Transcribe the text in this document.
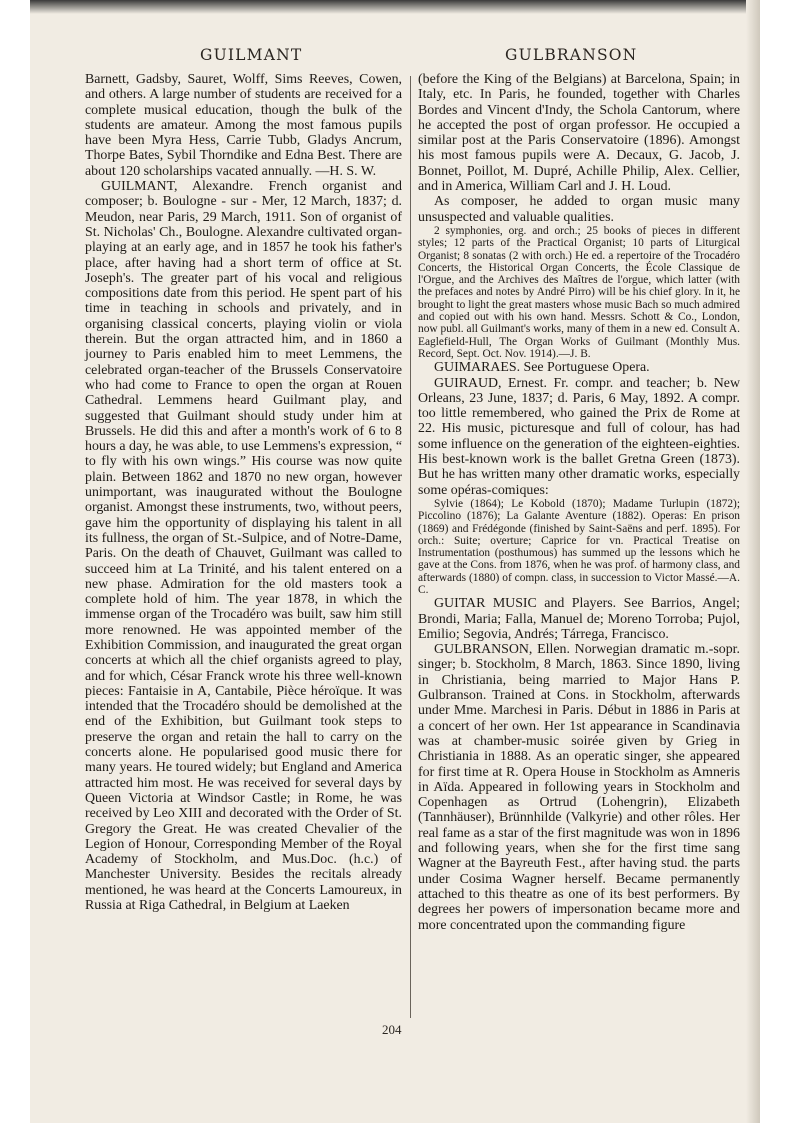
GUILMANT	GULBRANSON

Barnett, Gadsby, Sauret, Wolff, Sims Reeves, Cowen, and others. A large number of students are received for a complete musical education, though the bulk of the students are amateur. Among the most famous pupils have been Myra Hess, Carrie Tubb, Gladys Ancrum, Thorpe Bates, Sybil Thorndike and Edna Best. There are about 120 scholarships vacated annually. —H. S. W.

GUILMANT, Alexandre. French organist and composer; b. Boulogne - sur - Mer, 12 March, 1837; d. Meudon, near Paris, 29 March, 1911. Son of organist of St. Nicholas' Ch., Boulogne. Alexandre cultivated organ-playing at an early age, and in 1857 he took his father's place, after having had a short term of office at St. Joseph's. The greater part of his vocal and religious compositions date from this period. He spent part of his time in teaching in schools and privately, and in organising classical concerts, playing violin or viola therein. But the organ attracted him, and in 1860 a journey to Paris enabled him to meet Lemmens, the celebrated organ-teacher of the Brussels Conservatoire who had come to France to open the organ at Rouen Cathedral. Lemmens heard Guilmant play, and suggested that Guilmant should study under him at Brussels. He did this and after a month's work of 6 to 8 hours a day, he was able, to use Lemmens's expression, “ to fly with his own wings.” His course was now quite plain. Between 1862 and 1870 no new organ, however unimportant, was inaugurated without the Boulogne organist. Amongst these instruments, two, without peers, gave him the opportunity of displaying his talent in all its fullness, the organ of St.-Sulpice, and of Notre-Dame, Paris. On the death of Chauvet, Guilmant was called to succeed him at La Trinité, and his talent entered on a new phase. Admiration for the old masters took a complete hold of him. The year 1878, in which the immense organ of the Trocadéro was built, saw him still more renowned. He was appointed member of the Exhibition Commission, and inaugurated the great organ concerts at which all the chief organists agreed to play, and for which, César Franck wrote his three well-known pieces: Fantaisie in A, Cantabile, Pièce héroïque. It was intended that the Trocadéro should be demolished at the end of the Exhibition, but Guilmant took steps to preserve the organ and retain the hall to carry on the concerts alone. He popularised good music there for many years. He toured widely; but England and America attracted him most. He was received for several days by Queen Victoria at Windsor Castle; in Rome, he was received by Leo XIII and decorated with the Order of St. Gregory the Great. He was created Chevalier of the Legion of Honour, Corresponding Member of the Royal Academy of Stockholm, and Mus.Doc. (h.c.) of Manchester University. Besides the recitals already mentioned, he was heard at the Concerts Lamoureux, in Russia at Riga Cathedral, in Belgium at Laeken

(before the King of the Belgians) at Barcelona, Spain; in Italy, etc. In Paris, he founded, together with Charles Bordes and Vincent d'Indy, the Schola Cantorum, where he accepted the post of organ professor. He occupied a similar post at the Paris Conservatoire (1896). Amongst his most famous pupils were A. Decaux, G. Jacob, J. Bonnet, Poillot, M. Dupré, Achille Philip, Alex. Cellier, and in America, William Carl and J. H. Loud.

As composer, he added to organ music many unsuspected and valuable qualities.

2 symphonies, org. and orch.; 25 books of pieces in different styles; 12 parts of the Practical Organist; 10 parts of Liturgical Organist; 8 sonatas (2 with orch.) He ed. a repertoire of the Trocadéro Concerts, the Historical Organ Concerts, the École Classique de l'Orgue, and the Archives des Maîtres de l'orgue, which latter (with the prefaces and notes by André Pirro) will be his chief glory. In it, he brought to light the great masters whose music Bach so much admired and copied out with his own hand. Messrs. Schott & Co., London, now publ. all Guilmant's works, many of them in a new ed. Consult A. Eaglefield-Hull, The Organ Works of Guilmant (Monthly Mus. Record, Sept. Oct. Nov. 1914).—J. B.

GUIMARAES. See Portuguese Opera.

GUIRAUD, Ernest. Fr. compr. and teacher; b. New Orleans, 23 June, 1837; d. Paris, 6 May, 1892. A compr. too little remembered, who gained the Prix de Rome at 22. His music, picturesque and full of colour, has had some influence on the generation of the eighteen-eighties. His best-known work is the ballet Gretna Green (1873). But he has written many other dramatic works, especially some opéras-comiques:

Sylvie (1864); Le Kobold (1870); Madame Turlupin (1872); Piccolino (1876); La Galante Aventure (1882). Operas: En prison (1869) and Frédégonde (finished by Saint-Saëns and perf. 1895). For orch.: Suite; overture; Caprice for vn. Practical Treatise on Instrumentation (posthumous) has summed up the lessons which he gave at the Cons. from 1876, when he was prof. of harmony class, and afterwards (1880) of compn. class, in succession to Victor Massé.—A. C.

GUITAR MUSIC and Players. See Barrios, Angel; Brondi, Maria; Falla, Manuel de; Moreno Torroba; Pujol, Emilio; Segovia, Andrés; Tárrega, Francisco.

GULBRANSON, Ellen. Norwegian dramatic m.-sopr. singer; b. Stockholm, 8 March, 1863. Since 1890, living in Christiania, being married to Major Hans P. Gulbranson. Trained at Cons. in Stockholm, afterwards under Mme. Marchesi in Paris. Début in 1886 in Paris at a concert of her own. Her 1st appearance in Scandinavia was at chamber-music soirée given by Grieg in Christiania in 1888. As an operatic singer, she appeared for first time at R. Opera House in Stockholm as Amneris in Aïda. Appeared in following years in Stockholm and Copenhagen as Ortrud (Lohengrin), Elizabeth (Tannhäuser), Brünnhilde (Valkyrie) and other rôles. Her real fame as a star of the first magnitude was won in 1896 and following years, when she for the first time sang Wagner at the Bayreuth Fest., after having stud. the parts under Cosima Wagner herself. Became permanently attached to this theatre as one of its best performers. By degrees her powers of impersonation became more and more concentrated upon the commanding figure

204
